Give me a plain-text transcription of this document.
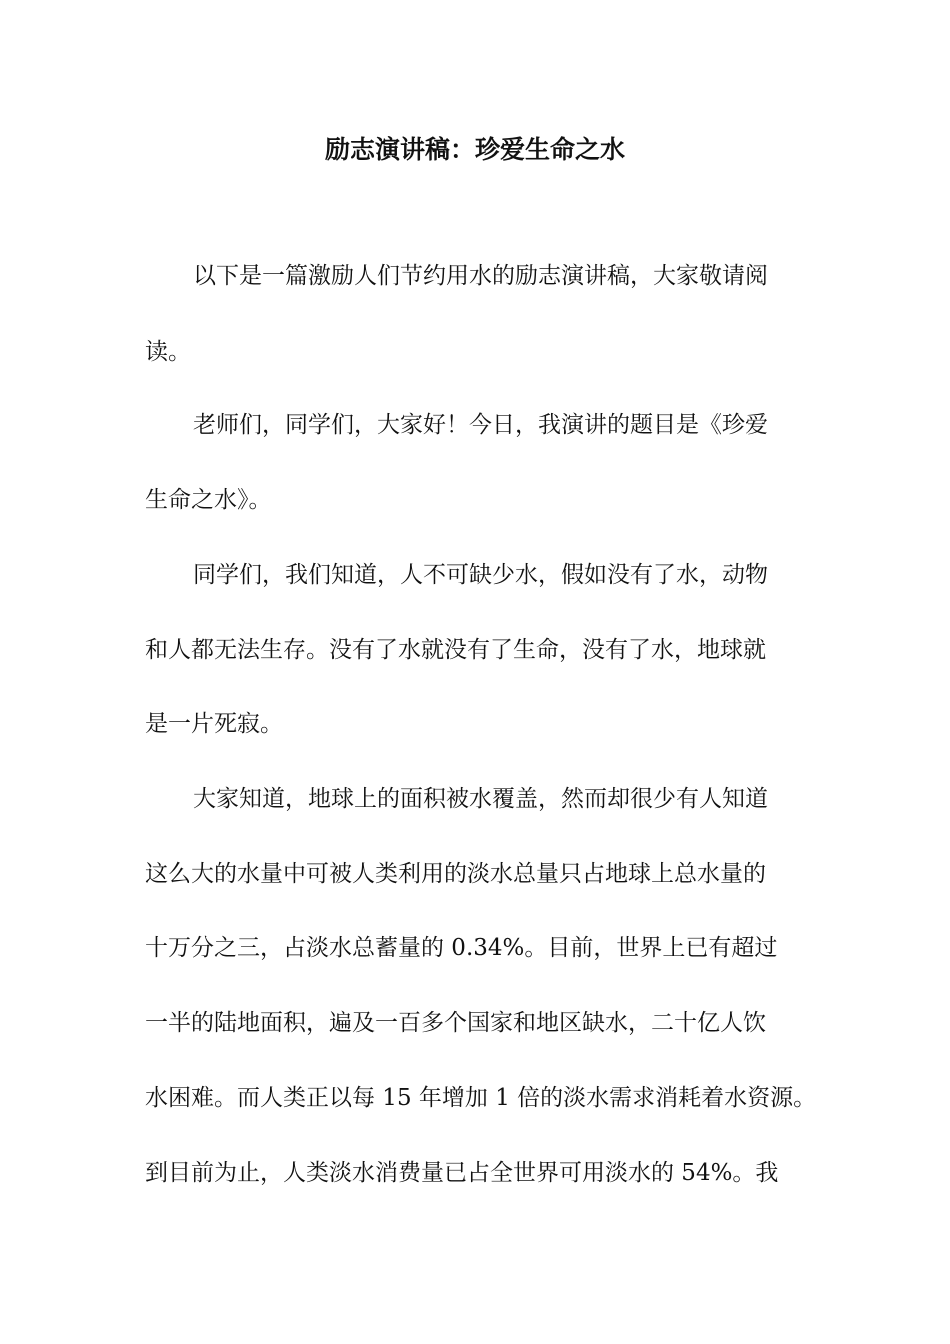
励志演讲稿：珍爱生命之水

以下是一篇激励人们节约用水的励志演讲稿，大家敬请阅

读。

老师们，同学们，大家好！今日，我演讲的题目是《珍爱

生命之水》。

同学们，我们知道，人不可缺少水，假如没有了水，动物

和人都无法生存。没有了水就没有了生命，没有了水，地球就

是一片死寂。

大家知道，地球上的面积被水覆盖，然而却很少有人知道

这么大的水量中可被人类利用的淡水总量只占地球上总水量的

十万分之三，占淡水总蓄量的 0.34%。目前，世界上已有超过

一半的陆地面积，遍及一百多个国家和地区缺水，二十亿人饮

水困难。而人类正以每 15 年增加 1 倍的淡水需求消耗着水资源。

到目前为止，人类淡水消费量已占全世界可用淡水的 54%。我
